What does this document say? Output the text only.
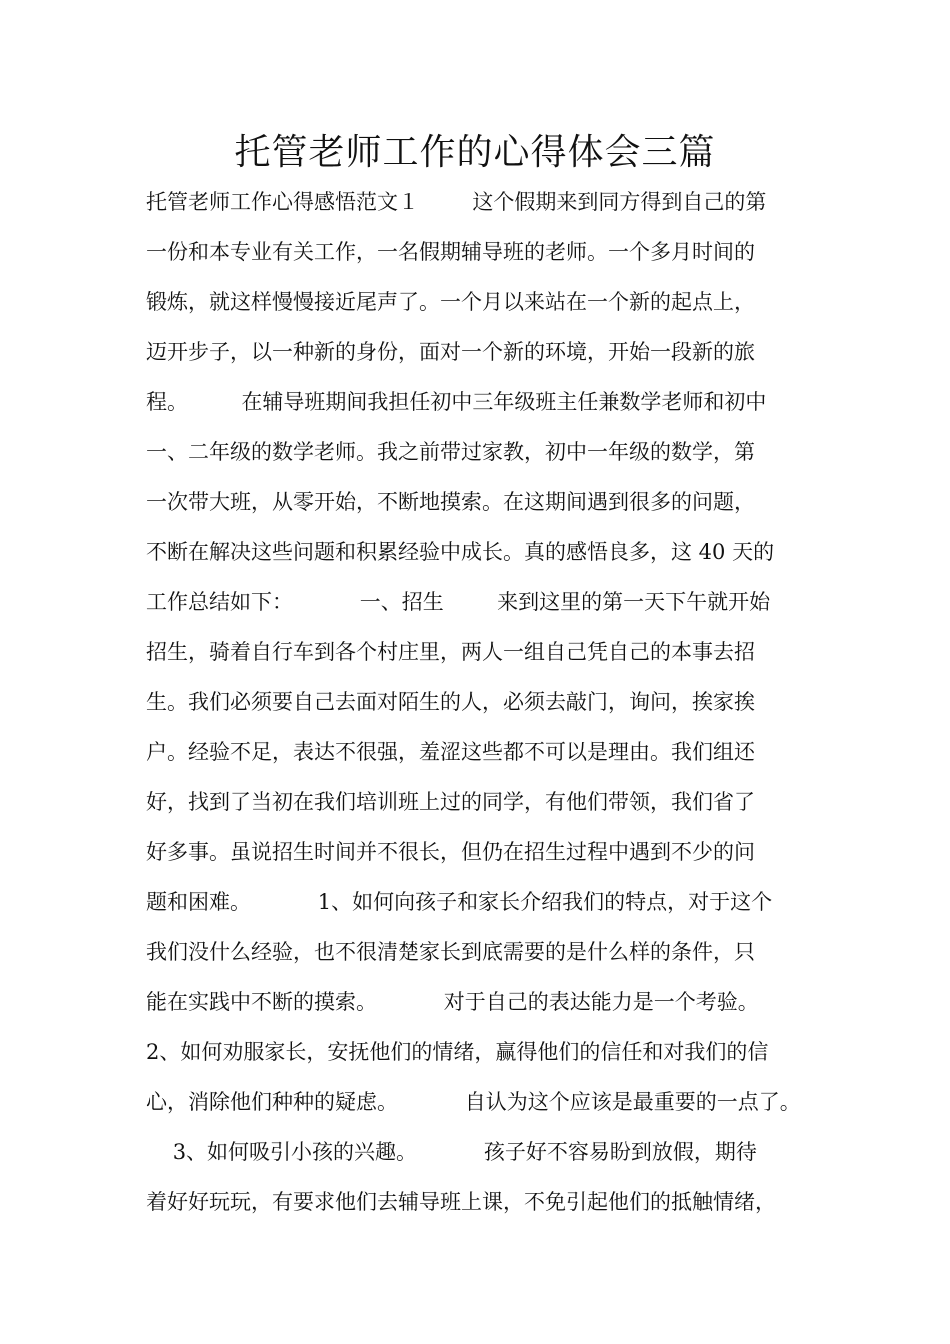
托管老师工作的心得体会三篇
托管老师工作心得感悟范文１        这个假期来到同方得到自己的第
一份和本专业有关工作，一名假期辅导班的老师。一个多月时间的
锻炼，就这样慢慢接近尾声了。一个月以来站在一个新的起点上，
迈开步子，以一种新的身份，面对一个新的环境，开始一段新的旅
程。        在辅导班期间我担任初中三年级班主任兼数学老师和初中
一、二年级的数学老师。我之前带过家教，初中一年级的数学，第
一次带大班，从零开始，不断地摸索。在这期间遇到很多的问题，
不断在解决这些问题和积累经验中成长。真的感悟良多，这 40 天的
工作总结如下：          一、招生        来到这里的第一天下午就开始
招生，骑着自行车到各个村庄里，两人一组自己凭自己的本事去招
生。我们必须要自己去面对陌生的人，必须去敲门，询问，挨家挨
户。经验不足，表达不很强，羞涩这些都不可以是理由。我们组还
好，找到了当初在我们培训班上过的同学，有他们带领，我们省了
好多事。虽说招生时间并不很长，但仍在招生过程中遇到不少的问
题和困难。          1、如何向孩子和家长介绍我们的特点，对于这个
我们没什么经验，也不很清楚家长到底需要的是什么样的条件，只
能在实践中不断的摸索。          对于自己的表达能力是一个考验。
2、如何劝服家长，安抚他们的情绪，赢得他们的信任和对我们的信
心，消除他们种种的疑虑。          自认为这个应该是最重要的一点了。
3、如何吸引小孩的兴趣。          孩子好不容易盼到放假，期待
着好好玩玩，有要求他们去辅导班上课，不免引起他们的抵触情绪，
